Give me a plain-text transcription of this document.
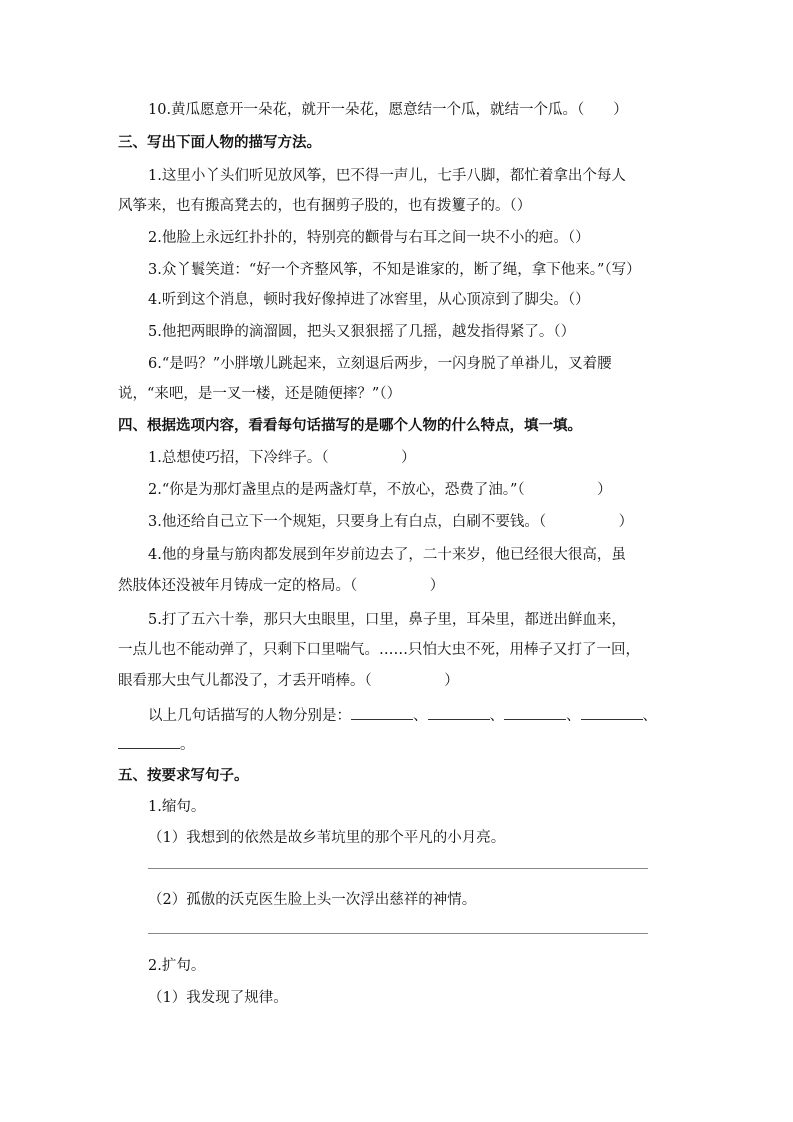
10.黄瓜愿意开一朵花，就开一朵花，愿意结一个瓜，就结一个瓜。（　　）
三、写出下面人物的描写方法。
1.这里小丫头们听见放风筝，巴不得一声儿，七手八脚，都忙着拿出个每人
风筝来，也有搬高凳去的，也有捆剪子股的，也有拨籰子的。（）
2.他脸上永远红扑扑的，特别亮的颧骨与右耳之间一块不小的疤。（）
3.众丫鬟笑道：“好一个齐整风筝，不知是谁家的，断了绳，拿下他来。”（写）
4.听到这个消息，顿时我好像掉进了冰窖里，从心顶凉到了脚尖。（）
5.他把两眼睁的滴溜圆，把头又狠狠摇了几摇，越发指得紧了。（）
6.“是吗？”小胖墩儿跳起来，立刻退后两步，一闪身脱了单褂儿，叉着腰
说，“来吧，是一叉一楼，还是随便摔？”（）
四、根据选项内容，看看每句话描写的是哪个人物的什么特点，填一填。
1.总想使巧招，下冷绊子。（　　　　　）
2.“你是为那灯盏里点的是两盏灯草，不放心，恐费了油。”（　　　　　）
3.他还给自己立下一个规矩，只要身上有白点，白刷不要钱。（　　　　　）
4.他的身量与筋肉都发展到年岁前边去了，二十来岁，他已经很大很高，虽
然肢体还没被年月铸成一定的格局。（　　　　　）
5.打了五六十拳，那只大虫眼里，口里，鼻子里，耳朵里，都迸出鲜血来，
一点儿也不能动弹了，只剩下口里喘气。……只怕大虫不死，用棒子又打了一回，
眼看那大虫气儿都没了，才丢开哨棒。（　　　　　）
以上几句话描写的人物分别是：	、	、	、	、
。
五、按要求写句子。
1.缩句。
（1）我想到的依然是故乡苇坑里的那个平凡的小月亮。
（2）孤傲的沃克医生脸上头一次浮出慈祥的神情。
2.扩句。
（1）我发现了规律。
